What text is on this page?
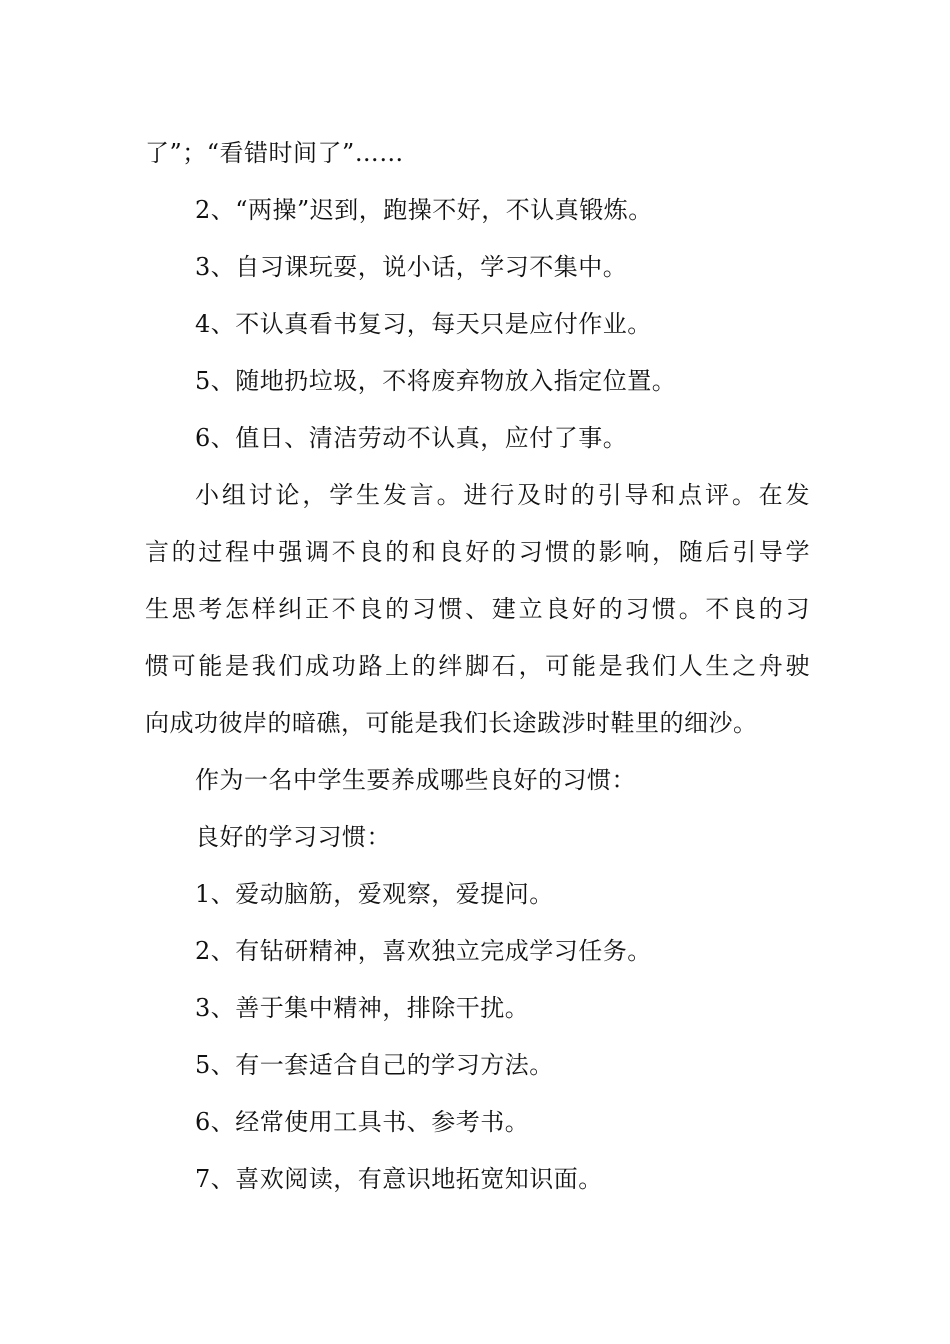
了”；“看错时间了”……
2、“两操”迟到，跑操不好，不认真锻炼。
3、自习课玩耍，说小话，学习不集中。
4、不认真看书复习，每天只是应付作业。
5、随地扔垃圾，不将废弃物放入指定位置。
6、值日、清洁劳动不认真，应付了事。
小组讨论，学生发言。进行及时的引导和点评。在发
言的过程中强调不良的和良好的习惯的影响，随后引导学
生思考怎样纠正不良的习惯、建立良好的习惯。不良的习
惯可能是我们成功路上的绊脚石，可能是我们人生之舟驶
向成功彼岸的暗礁，可能是我们长途跋涉时鞋里的细沙。
作为一名中学生要养成哪些良好的习惯：
良好的学习习惯：
1、爱动脑筋，爱观察，爱提问。
2、有钻研精神，喜欢独立完成学习任务。
3、善于集中精神，排除干扰。
5、有一套适合自己的学习方法。
6、经常使用工具书、参考书。
7、喜欢阅读，有意识地拓宽知识面。
